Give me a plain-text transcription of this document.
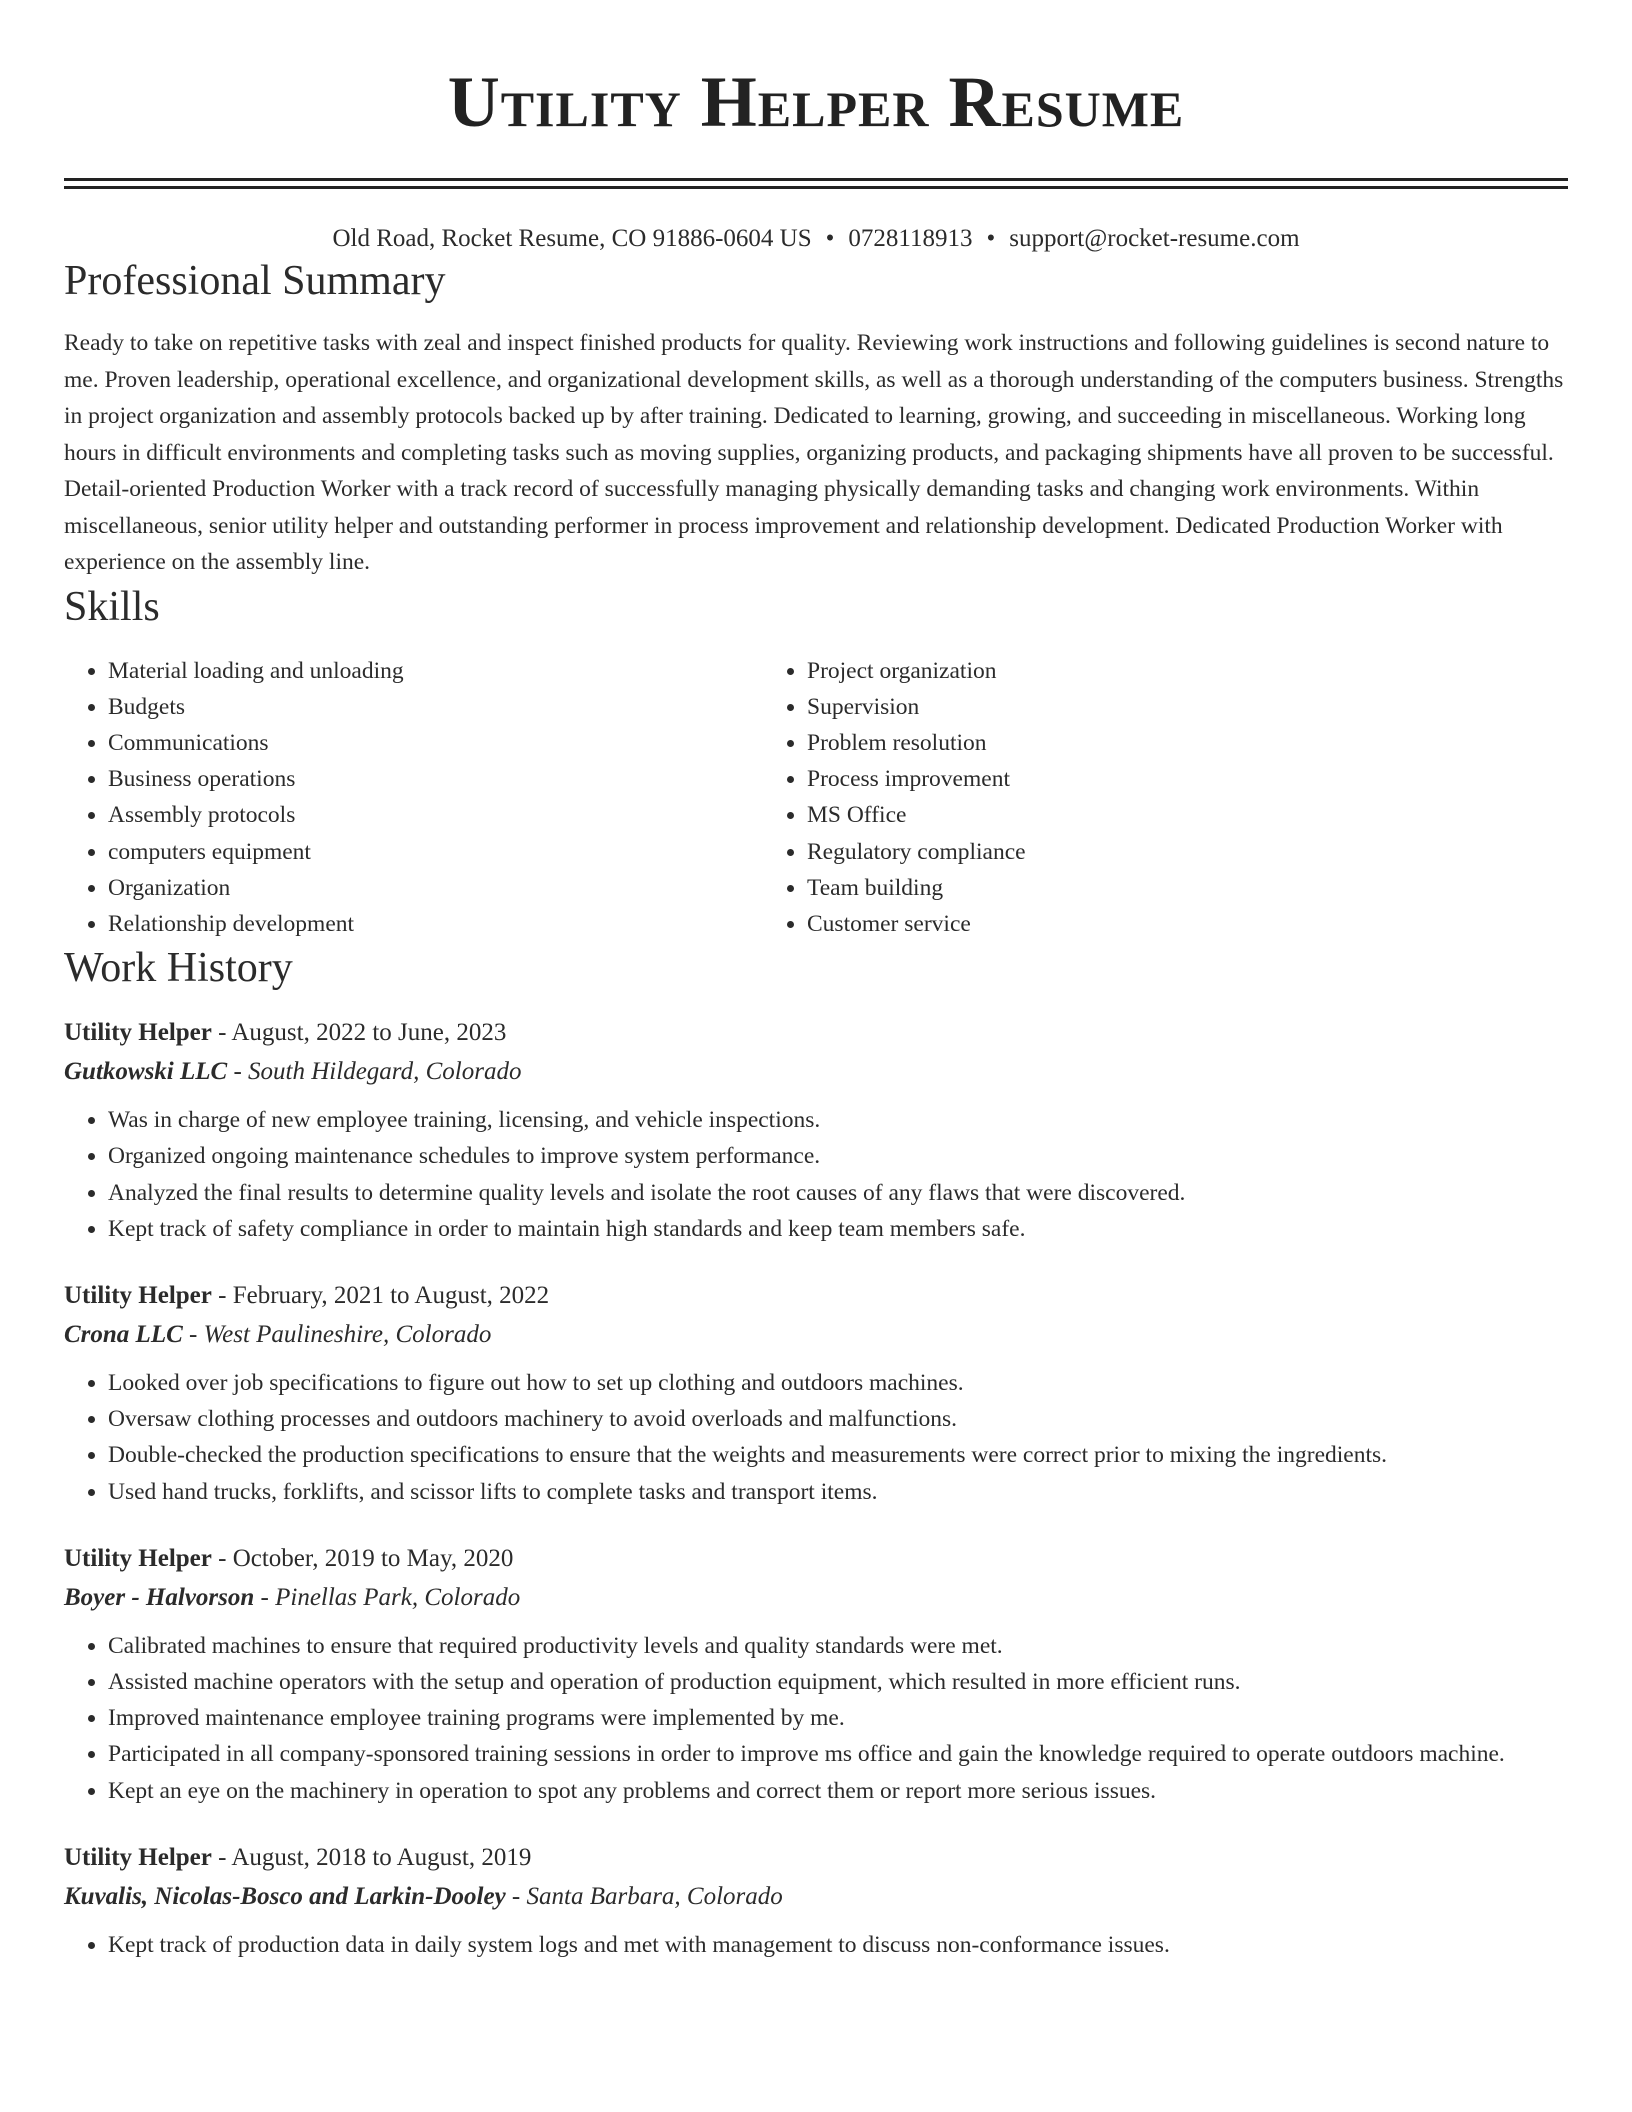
Utility Helper Resume
Old Road, Rocket Resume, CO 91886-0604 US • 0728118913 • support@rocket-resume.com
Professional Summary
Ready to take on repetitive tasks with zeal and inspect finished products for quality. Reviewing work instructions and following guidelines is second nature to me. Proven leadership, operational excellence, and organizational development skills, as well as a thorough understanding of the computers business. Strengths in project organization and assembly protocols backed up by after training. Dedicated to learning, growing, and succeeding in miscellaneous. Working long hours in difficult environments and completing tasks such as moving supplies, organizing products, and packaging shipments have all proven to be successful. Detail-oriented Production Worker with a track record of successfully managing physically demanding tasks and changing work environments. Within miscellaneous, senior utility helper and outstanding performer in process improvement and relationship development. Dedicated Production Worker with experience on the assembly line.
Skills
• Material loading and unloading
• Budgets
• Communications
• Business operations
• Assembly protocols
• computers equipment
• Organization
• Relationship development
• Project organization
• Supervision
• Problem resolution
• Process improvement
• MS Office
• Regulatory compliance
• Team building
• Customer service
Work History
Utility Helper - August, 2022 to June, 2023
Gutkowski LLC - South Hildegard, Colorado
• Was in charge of new employee training, licensing, and vehicle inspections.
• Organized ongoing maintenance schedules to improve system performance.
• Analyzed the final results to determine quality levels and isolate the root causes of any flaws that were discovered.
• Kept track of safety compliance in order to maintain high standards and keep team members safe.
Utility Helper - February, 2021 to August, 2022
Crona LLC - West Paulineshire, Colorado
• Looked over job specifications to figure out how to set up clothing and outdoors machines.
• Oversaw clothing processes and outdoors machinery to avoid overloads and malfunctions.
• Double-checked the production specifications to ensure that the weights and measurements were correct prior to mixing the ingredients.
• Used hand trucks, forklifts, and scissor lifts to complete tasks and transport items.
Utility Helper - October, 2019 to May, 2020
Boyer - Halvorson - Pinellas Park, Colorado
• Calibrated machines to ensure that required productivity levels and quality standards were met.
• Assisted machine operators with the setup and operation of production equipment, which resulted in more efficient runs.
• Improved maintenance employee training programs were implemented by me.
• Participated in all company-sponsored training sessions in order to improve ms office and gain the knowledge required to operate outdoors machine.
• Kept an eye on the machinery in operation to spot any problems and correct them or report more serious issues.
Utility Helper - August, 2018 to August, 2019
Kuvalis, Nicolas-Bosco and Larkin-Dooley - Santa Barbara, Colorado
• Kept track of production data in daily system logs and met with management to discuss non-conformance issues.
